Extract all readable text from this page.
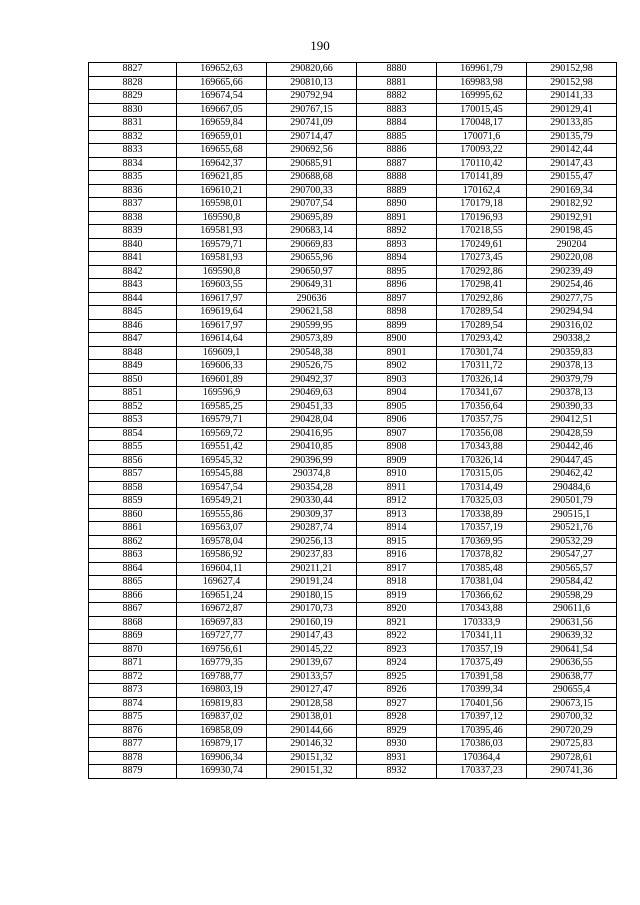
190
8827	169652,63	290820,66	8880	169961,79	290152,98
8828	169665,66	290810,13	8881	169983,98	290152,98
8829	169674,54	290792,94	8882	169995,62	290141,33
8830	169667,05	290767,15	8883	170015,45	290129,41
8831	169659,84	290741,09	8884	170048,17	290133,85
8832	169659,01	290714,47	8885	170071,6	290135,79
8833	169655,68	290692,56	8886	170093,22	290142,44
8834	169642,37	290685,91	8887	170110,42	290147,43
8835	169621,85	290688,68	8888	170141,89	290155,47
8836	169610,21	290700,33	8889	170162,4	290169,34
8837	169598,01	290707,54	8890	170179,18	290182,92
8838	169590,8	290695,89	8891	170196,93	290192,91
8839	169581,93	290683,14	8892	170218,55	290198,45
8840	169579,71	290669,83	8893	170249,61	290204
8841	169581,93	290655,96	8894	170273,45	290220,08
8842	169590,8	290650,97	8895	170292,86	290239,49
8843	169603,55	290649,31	8896	170298,41	290254,46
8844	169617,97	290636	8897	170292,86	290277,75
8845	169619,64	290621,58	8898	170289,54	290294,94
8846	169617,97	290599,95	8899	170289,54	290316,02
8847	169614,64	290573,89	8900	170293,42	290338,2
8848	169609,1	290548,38	8901	170301,74	290359,83
8849	169606,33	290526,75	8902	170311,72	290378,13
8850	169601,89	290492,37	8903	170326,14	290379,79
8851	169596,9	290469,63	8904	170341,67	290378,13
8852	169585,25	290451,33	8905	170356,64	290390,33
8853	169579,71	290428,04	8906	170357,75	290412,51
8854	169569,72	290416,95	8907	170356,08	290428,59
8855	169551,42	290410,85	8908	170343,88	290442,46
8856	169545,32	290396,99	8909	170326,14	290447,45
8857	169545,88	290374,8	8910	170315,05	290462,42
8858	169547,54	290354,28	8911	170314,49	290484,6
8859	169549,21	290330,44	8912	170325,03	290501,79
8860	169555,86	290309,37	8913	170338,89	290515,1
8861	169563,07	290287,74	8914	170357,19	290521,76
8862	169578,04	290256,13	8915	170369,95	290532,29
8863	169586,92	290237,83	8916	170378,82	290547,27
8864	169604,11	290211,21	8917	170385,48	290565,57
8865	169627,4	290191,24	8918	170381,04	290584,42
8866	169651,24	290180,15	8919	170366,62	290598,29
8867	169672,87	290170,73	8920	170343,88	290611,6
8868	169697,83	290160,19	8921	170333,9	290631,56
8869	169727,77	290147,43	8922	170341,11	290639,32
8870	169756,61	290145,22	8923	170357,19	290641,54
8871	169779,35	290139,67	8924	170375,49	290636,55
8872	169788,77	290133,57	8925	170391,58	290638,77
8873	169803,19	290127,47	8926	170399,34	290655,4
8874	169819,83	290128,58	8927	170401,56	290673,15
8875	169837,02	290138,01	8928	170397,12	290700,32
8876	169858,09	290144,66	8929	170395,46	290720,29
8877	169879,17	290146,32	8930	170386,03	290725,83
8878	169906,34	290151,32	8931	170364,4	290728,61
8879	169930,74	290151,32	8932	170337,23	290741,36
